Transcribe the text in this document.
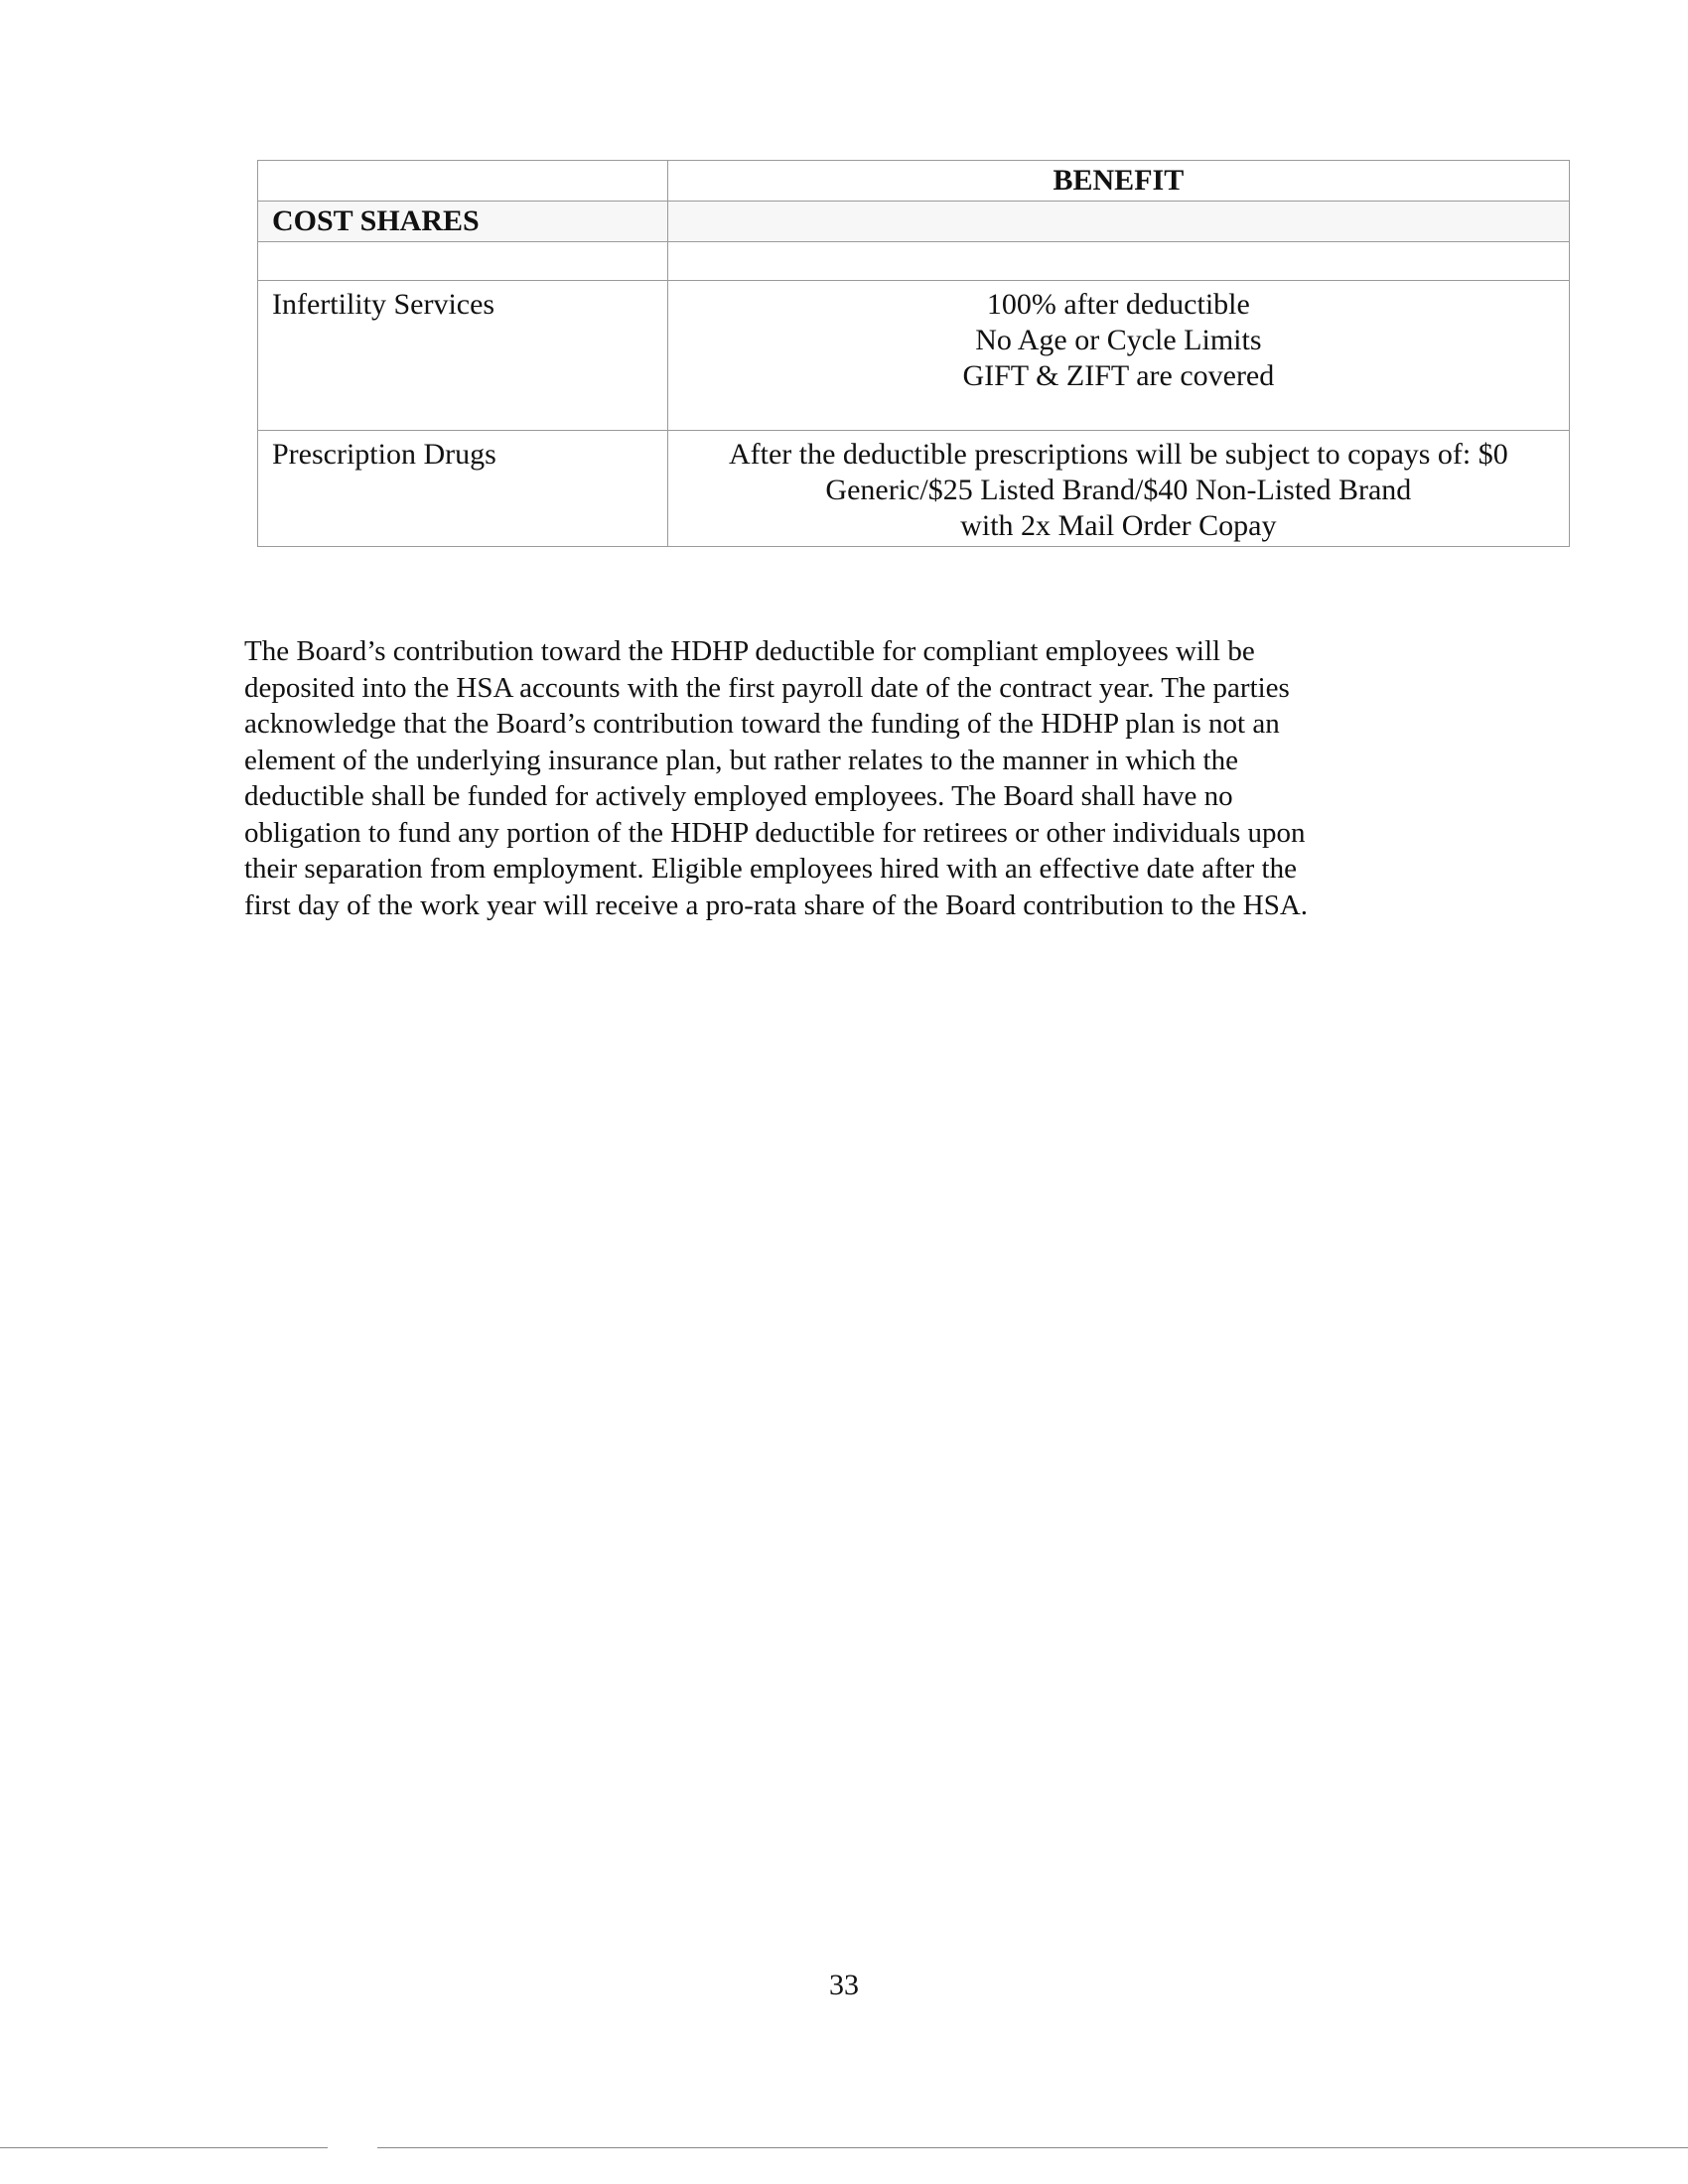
	BENEFIT
COST SHARES	

Infertility Services	100% after deductible
No Age or Cycle Limits
GIFT & ZIFT are covered

Prescription Drugs	After the deductible prescriptions will be subject to copays of: $0
Generic/$25 Listed Brand/$40 Non-Listed Brand
with 2x Mail Order Copay
The Board’s contribution toward the HDHP deductible for compliant employees will be
deposited into the HSA accounts with the first payroll date of the contract year. The parties
acknowledge that the Board’s contribution toward the funding of the HDHP plan is not an
element of the underlying insurance plan, but rather relates to the manner in which the
deductible shall be funded for actively employed employees. The Board shall have no
obligation to fund any portion of the HDHP deductible for retirees or other individuals upon
their separation from employment. Eligible employees hired with an effective date after the
first day of the work year will receive a pro-rata share of the Board contribution to the HSA.
33
